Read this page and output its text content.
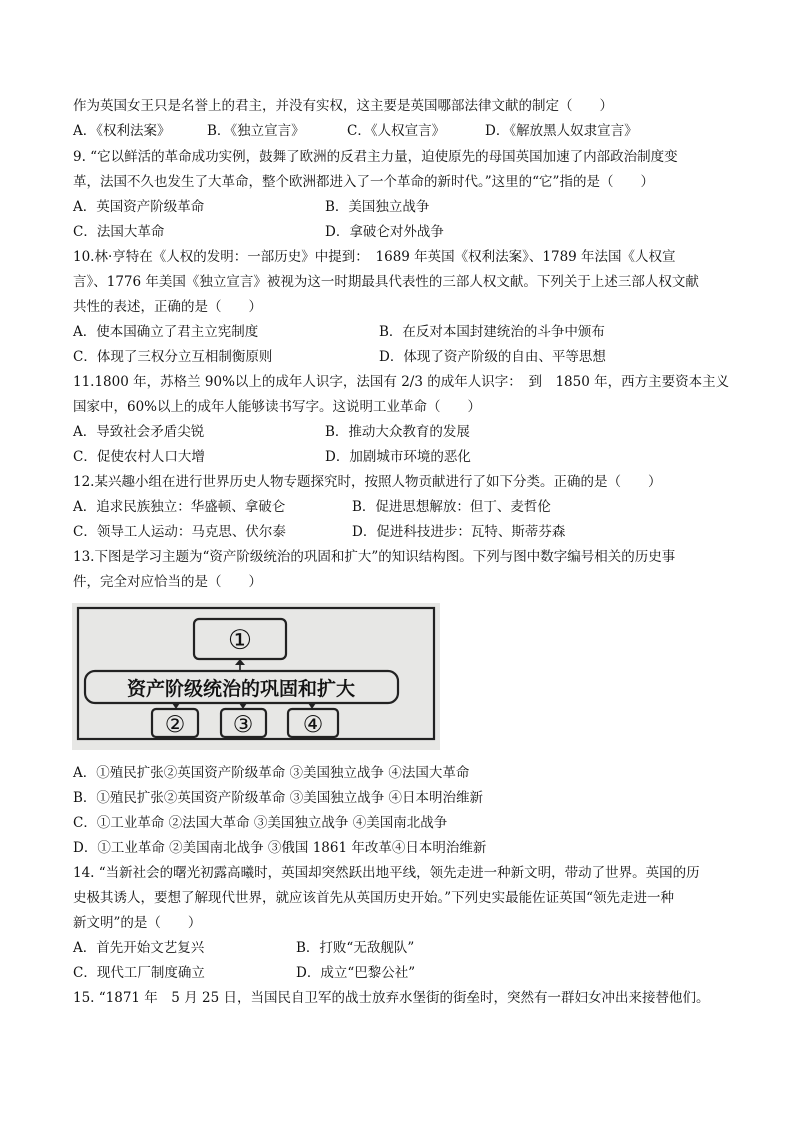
作为英国女王只是名誉上的君主，并没有实权，这主要是英国哪部法律文献的制定（　　）
A．《权利法案》	B．《独立宣言》	C．《人权宣言》	D．《解放黑人奴隶宣言》
9. “它以鲜活的革命成功实例，鼓舞了欧洲的反君主力量，迫使原先的母国英国加速了内部政治制度变
革，法国不久也发生了大革命，整个欧洲都进入了一个革命的新时代。”这里的“它”指的是（　　）
A．英国资产阶级革命	B．美国独立战争
C．法国大革命	D．拿破仑对外战争
10.林·亨特在《人权的发明：一部历史》中提到：　1689 年英国《权利法案》、1789 年法国《人权宣
言》、1776 年美国《独立宣言》被视为这一时期最具代表性的三部人权文献。下列关于上述三部人权文献
共性的表述，正确的是（　　）
A．使本国确立了君主立宪制度	B．在反对本国封建统治的斗争中颁布
C．体现了三权分立互相制衡原则	D．体现了资产阶级的自由、平等思想
11.1800 年，苏格兰 90%以上的成年人识字，法国有 2/3 的成年人识字：　到　1850 年，西方主要资本主义
国家中，60%以上的成年人能够读书写字。这说明工业革命（　　）
A．导致社会矛盾尖锐	B．推动大众教育的发展
C．促使农村人口大增	D．加剧城市环境的恶化
12.某兴趣小组在进行世界历史人物专题探究时，按照人物贡献进行了如下分类。正确的是（　　）
A．追求民族独立：华盛顿、拿破仑	B．促进思想解放：但丁、麦哲伦
C．领导工人运动：马克思、伏尔泰	D．促进科技进步：瓦特、斯蒂芬森
13.下图是学习主题为“资产阶级统治的巩固和扩大”的知识结构图。下列与图中数字编号相关的历史事
件，完全对应恰当的是（　　）
①
资产阶级统治的巩固和扩大
② ③ ④
A．①殖民扩张②英国资产阶级革命 ③美国独立战争 ④法国大革命
B．①殖民扩张②英国资产阶级革命 ③美国独立战争 ④日本明治维新
C．①工业革命 ②法国大革命 ③美国独立战争 ④美国南北战争
D．①工业革命 ②美国南北战争 ③俄国 1861 年改革④日本明治维新
14. “当新社会的曙光初露高曦时，英国却突然跃出地平线，领先走进一种新文明，带动了世界。英国的历
史极其诱人，要想了解现代世界，就应该首先从英国历史开始。”下列史实最能佐证英国“领先走进一种
新文明”的是（　　）
A．首先开始文艺复兴	B．打败“无敌舰队”
C．现代工厂制度确立	D．成立“巴黎公社”
15. “1871 年　5 月 25 日，当国民自卫军的战士放弃水堡街的街垒时，突然有一群妇女冲出来接替他们。
